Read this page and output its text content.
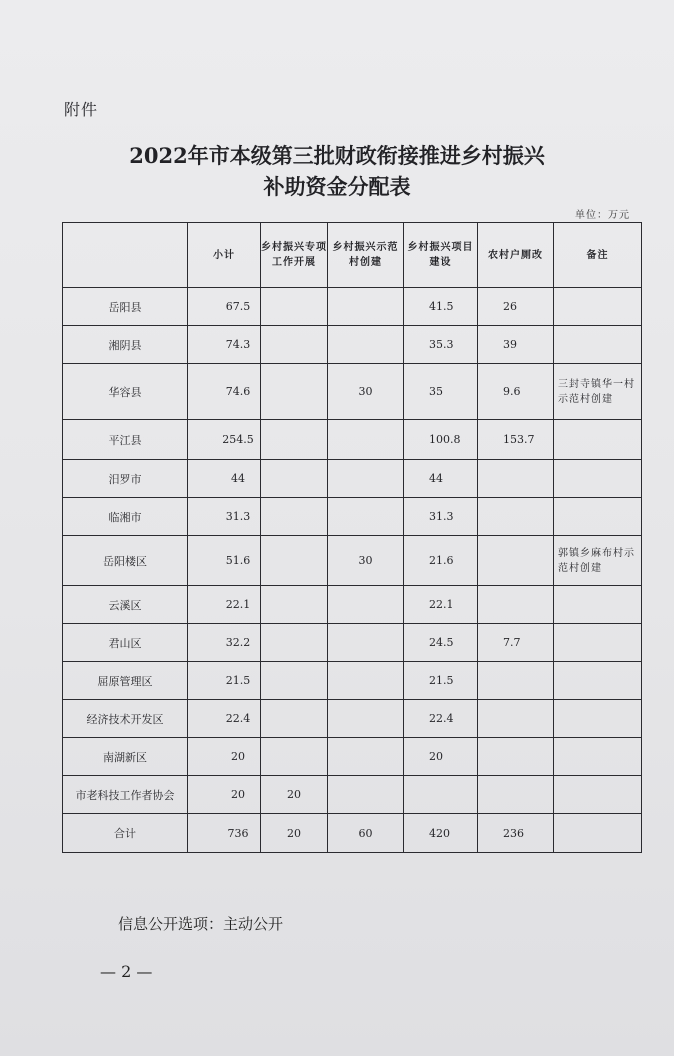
附件
2022年市本级第三批财政衔接推进乡村振兴
补助资金分配表
单位：万元
	小计	乡村振兴专项工作开展	乡村振兴示范村创建	乡村振兴项目建设	农村户厕改	备注
岳阳县	67.5			41.5	26	
湘阴县	74.3			35.3	39	
华容县	74.6		30	35	9.6	三封寺镇华一村示范村创建
平江县	254.5			100.8	153.7	
汨罗市	44			44		
临湘市	31.3			31.3		
岳阳楼区	51.6		30	21.6		郭镇乡麻布村示范村创建
云溪区	22.1			22.1		
君山区	32.2			24.5	7.7	
屈原管理区	21.5			21.5		
经济技术开发区	22.4			22.4		
南湖新区	20			20		
市老科技工作者协会	20	20				
合计	736	20	60	420	236	
信息公开选项：主动公开
— 2 —
